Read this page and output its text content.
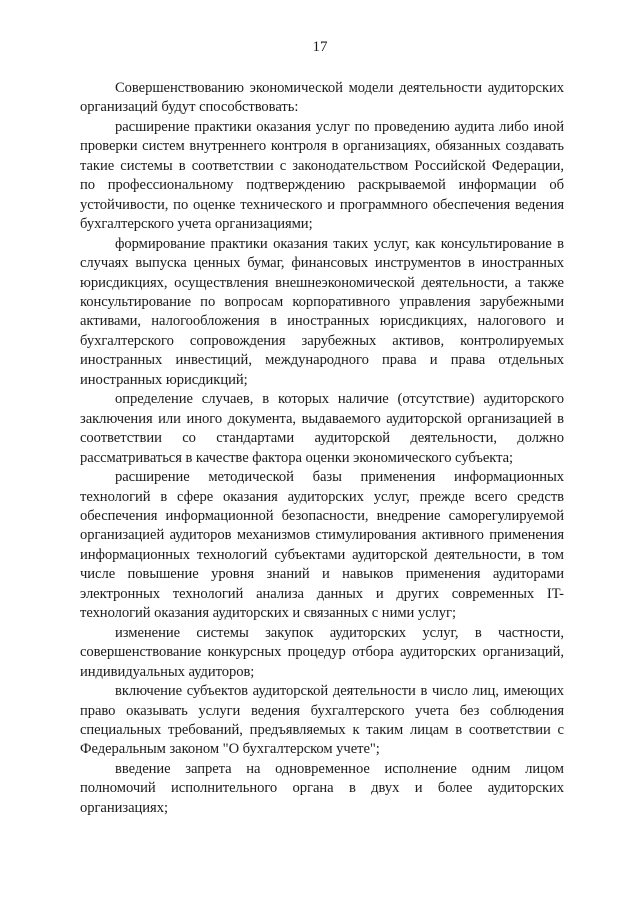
17

Совершенствованию экономической модели деятельности аудиторских организаций будут способствовать:

расширение практики оказания услуг по проведению аудита либо иной проверки систем внутреннего контроля в организациях, обязанных создавать такие системы в соответствии с законодательством Российской Федерации, по профессиональному подтверждению раскрываемой информации об устойчивости, по оценке технического и программного обеспечения ведения бухгалтерского учета организациями;

формирование практики оказания таких услуг, как консультирование в случаях выпуска ценных бумаг, финансовых инструментов в иностранных юрисдикциях, осуществления внешнеэкономической деятельности, а также консультирование по вопросам корпоративного управления зарубежными активами, налогообложения в иностранных юрисдикциях, налогового и бухгалтерского сопровождения зарубежных активов, контролируемых иностранных инвестиций, международного права и права отдельных иностранных юрисдикций;

определение случаев, в которых наличие (отсутствие) аудиторского заключения или иного документа, выдаваемого аудиторской организацией в соответствии со стандартами аудиторской деятельности, должно рассматриваться в качестве фактора оценки экономического субъекта;

расширение методической базы применения информационных технологий в сфере оказания аудиторских услуг, прежде всего средств обеспечения информационной безопасности, внедрение саморегулируемой организацией аудиторов механизмов стимулирования активного применения информационных технологий субъектами аудиторской деятельности, в том числе повышение уровня знаний и навыков применения аудиторами электронных технологий анализа данных и других современных IT-технологий оказания аудиторских и связанных с ними услуг;

изменение системы закупок аудиторских услуг, в частности, совершенствование конкурсных процедур отбора аудиторских организаций, индивидуальных аудиторов;

включение субъектов аудиторской деятельности в число лиц, имеющих право оказывать услуги ведения бухгалтерского учета без соблюдения специальных требований, предъявляемых к таким лицам в соответствии с Федеральным законом "О бухгалтерском учете";

введение запрета на одновременное исполнение одним лицом полномочий исполнительного органа в двух и более аудиторских организациях;
